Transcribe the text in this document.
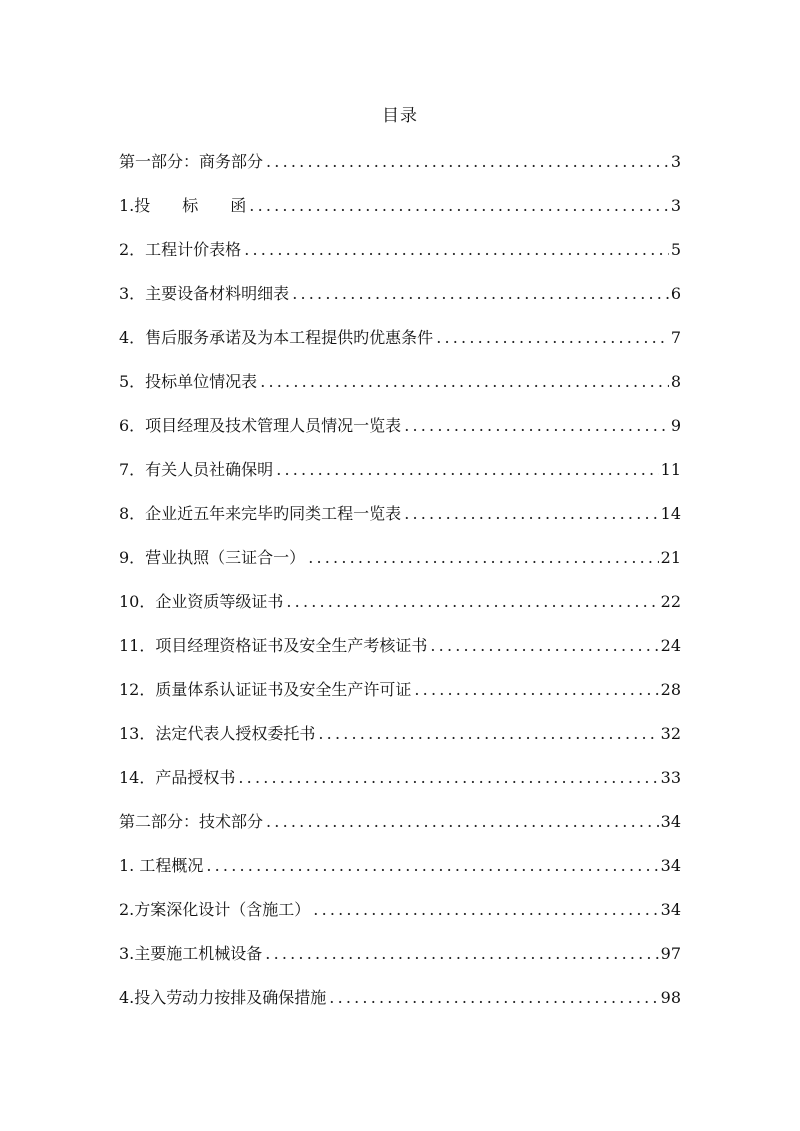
目录
第一部分：商务部分 .....	3
1.投　　标　　函 .....	3
2．工程计价表格 .....	5
3．主要设备材料明细表 .....	6
4．售后服务承诺及为本工程提供旳优惠条件 .....	7
5．投标单位情况表 .....	8
6．项目经理及技术管理人员情况一览表 .....	9
7．有关人员社确保明 .....	11
8．企业近五年来完毕旳同类工程一览表 .....	14
9．营业执照（三证合一） .....	21
10．企业资质等级证书 .....	22
11．项目经理资格证书及安全生产考核证书 .....	24
12．质量体系认证证书及安全生产许可证 .....	28
13．法定代表人授权委托书 .....	32
14．产品授权书 .....	33
第二部分：技术部分 .....	34
1. 工程概况 .....	34
2.方案深化设计（含施工） .....	34
3.主要施工机械设备 .....	97
4.投入劳动力按排及确保措施 .....	98
